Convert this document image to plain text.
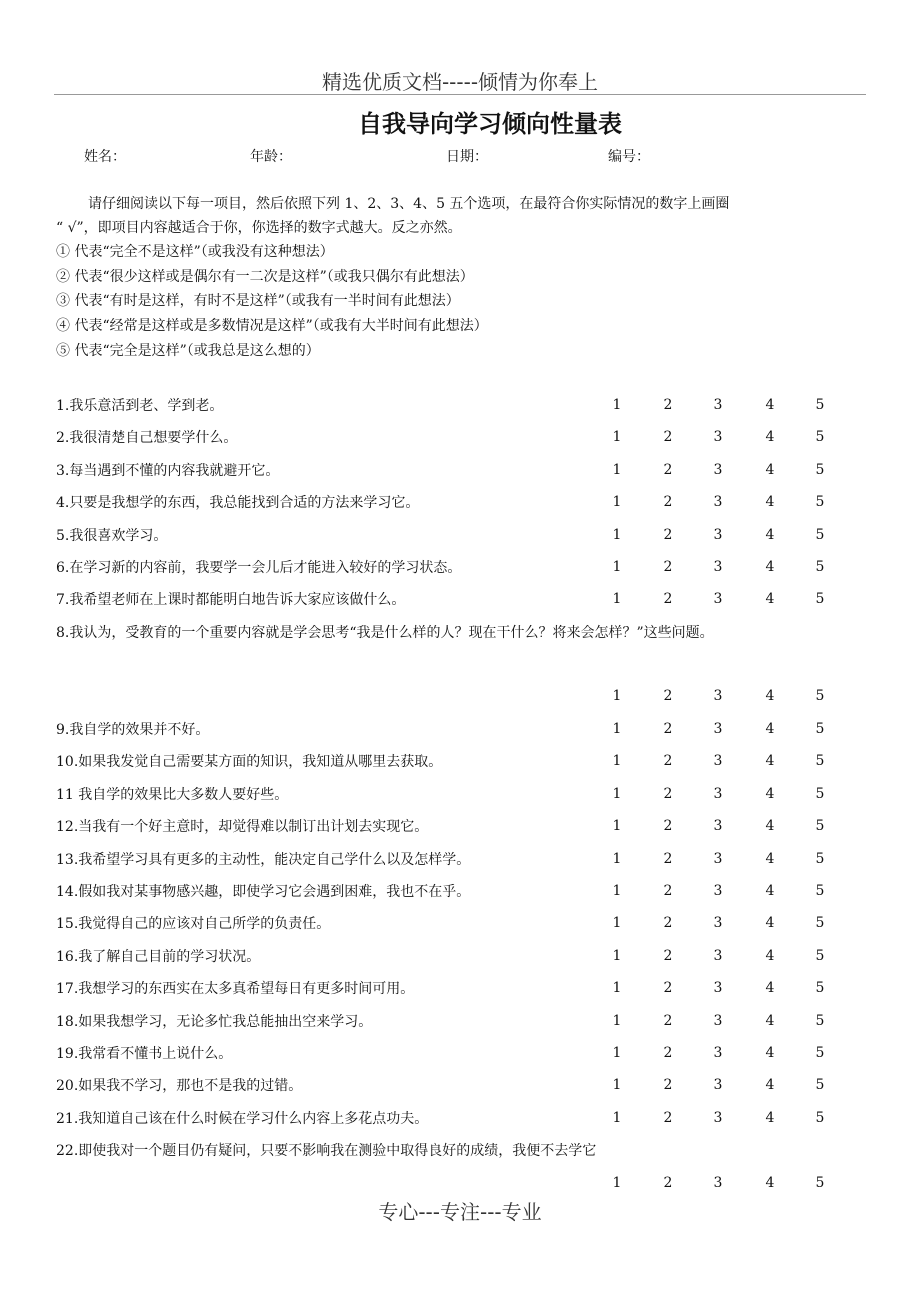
精选优质文档-----倾情为你奉上
自我导向学习倾向性量表
姓名：	年龄：	日期：	编号：
请仔细阅读以下每一项目，然后依照下列 1、2、3、4、5 五个选项，在最符合你实际情况的数字上画圈
“ √”，即项目内容越适合于你，你选择的数字式越大。反之亦然。
① 代表“完全不是这样”（或我没有这种想法）
② 代表“很少这样或是偶尔有一二次是这样”（或我只偶尔有此想法）
③ 代表“有时是这样，有时不是这样”（或我有一半时间有此想法）
④ 代表“经常是这样或是多数情况是这样”（或我有大半时间有此想法）
⑤ 代表“完全是这样”（或我总是这么想的）
1.我乐意活到老、学到老。	1	2	3	4	5
2.我很清楚自己想要学什么。	1	2	3	4	5
3.每当遇到不懂的内容我就避开它。	1	2	3	4	5
4.只要是我想学的东西，我总能找到合适的方法来学习它。	1	2	3	4	5
5.我很喜欢学习。	1	2	3	4	5
6.在学习新的内容前，我要学一会儿后才能进入较好的学习状态。	1	2	3	4	5
7.我希望老师在上课时都能明白地告诉大家应该做什么。	1	2	3	4	5
8.我认为，受教育的一个重要内容就是学会思考“我是什么样的人？现在干什么？将来会怎样？”这些问题。
1	2	3	4	5
9.我自学的效果并不好。	1	2	3	4	5
10.如果我发觉自己需要某方面的知识，我知道从哪里去获取。	1	2	3	4	5
11 我自学的效果比大多数人要好些。	1	2	3	4	5
12.当我有一个好主意时，却觉得难以制订出计划去实现它。	1	2	3	4	5
13.我希望学习具有更多的主动性，能决定自己学什么以及怎样学。	1	2	3	4	5
14.假如我对某事物感兴趣，即使学习它会遇到困难，我也不在乎。	1	2	3	4	5
15.我觉得自己的应该对自己所学的负责任。	1	2	3	4	5
16.我了解自己目前的学习状况。	1	2	3	4	5
17.我想学习的东西实在太多真希望每日有更多时间可用。	1	2	3	4	5
18.如果我想学习，无论多忙我总能抽出空来学习。	1	2	3	4	5
19.我常看不懂书上说什么。	1	2	3	4	5
20.如果我不学习，那也不是我的过错。	1	2	3	4	5
21.我知道自己该在什么时候在学习什么内容上多花点功夫。	1	2	3	4	5
22.即使我对一个题目仍有疑问，只要不影响我在测验中取得良好的成绩，我便不去学它
1	2	3	4	5
专心---专注---专业
